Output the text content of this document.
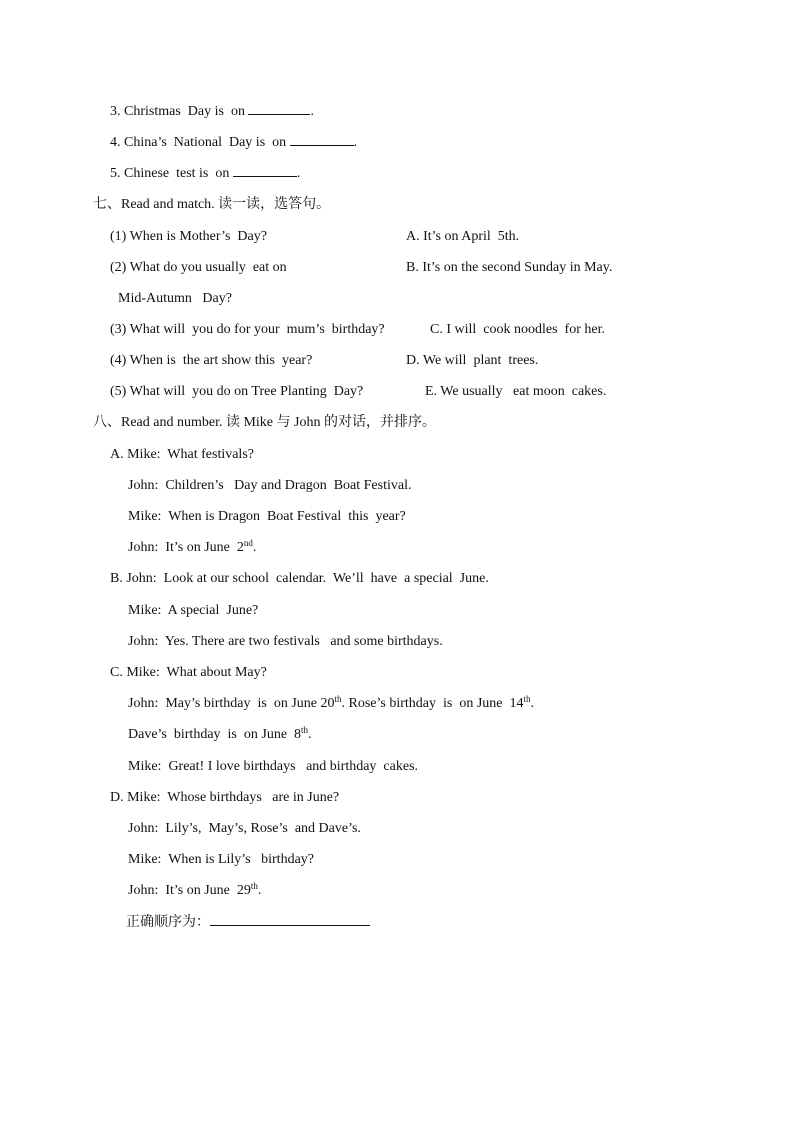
3. Christmas  Day is  on	.
4. China’s  National  Day is  on	.
5. Chinese  test is  on	.
七、Read and match. 读一读，选答句。
(1) When is Mother’s  Day?	A. It’s on April  5th.
(2) What do you usually  eat on	B. It’s on the second Sunday in May.
Mid-Autumn   Day?
(3) What will  you do for your  mum’s  birthday?	C. I will  cook noodles  for her.
(4) When is  the art show this  year?	D. We will  plant  trees.
(5) What will  you do on Tree Planting  Day?	E. We usually   eat moon  cakes.
八、Read and number. 读 Mike 与 John 的对话，并排序。
A. Mike:  What festivals?
John:  Children’s   Day and Dragon  Boat Festival.
Mike:  When is Dragon  Boat Festival  this  year?
John:  It’s on June  2nd.
B. John:  Look at our school  calendar.  We’ll  have  a special  June.
Mike:  A special  June?
John:  Yes. There are two festivals   and some birthdays.
C. Mike:  What about May?
John:  May’s birthday  is  on June 20th. Rose’s birthday  is  on June  14th.
Dave’s  birthday  is  on June  8th.
Mike:  Great! I love birthdays   and birthday  cakes.
D. Mike:  Whose birthdays   are in June?
John:  Lily’s,  May’s, Rose’s  and Dave’s.
Mike:  When is Lily’s   birthday?
John:  It’s on June  29th.
正确顺序为：
